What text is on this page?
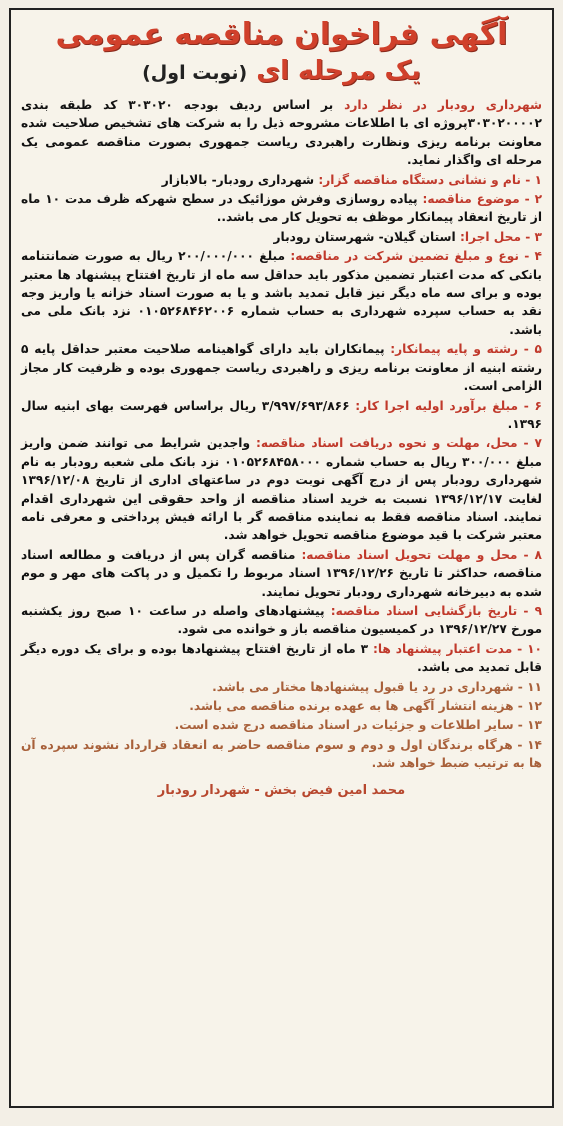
آگهی فراخوان مناقصه عمومی
یک مرحله ای (نوبت اول)

شهرداری رودبار در نظر دارد بر اساس ردیف بودجه ۳۰۳۰۲۰ کد طبقه بندی ۳۰۳۰۲۰۰۰۰۲پروژه ای با اطلاعات مشروحه ذیل را به شرکت های تشخیص صلاحیت شده معاونت برنامه ریزی ونظارت راهبردی ریاست جمهوری بصورت مناقصه عمومی یک مرحله ای واگذار نماید.

۱ - نام و نشانی دستگاه مناقصه گزار: شهرداری رودبار- بالابازار

۲ - موضوع مناقصه: پیاده روسازی وفرش موزائیک در سطح شهرکه ظرف مدت ۱۰ ماه از تاریخ انعقاد پیمانکار موظف به تحویل کار می باشد..

۳ - محل اجرا: استان گیلان- شهرستان رودبار

۴ - نوع و مبلغ تضمین شرکت در مناقصه: مبلغ ۲۰۰/۰۰۰/۰۰۰ ریال به صورت ضمانتنامه بانکی که مدت اعتبار تضمین مذکور باید حداقل سه ماه از تاریخ افتتاح پیشنهاد ها معتبر بوده و برای سه ماه دیگر نیز قابل تمدید باشد و یا به صورت اسناد خزانه یا واریز وجه نقد به حساب سپرده شهرداری به حساب شماره ۰۱۰۵۲۶۸۴۶۲۰۰۶ نزد بانک ملی می باشد.

۵ - رشته و پایه پیمانکار: پیمانکاران باید دارای گواهینامه صلاحیت معتبر حداقل پایه ۵ رشته ابنیه از معاونت برنامه ریزی و راهبردی ریاست جمهوری بوده و ظرفیت کار مجاز الزامی است.

۶ - مبلغ برآورد اولیه اجرا کار: ۳/۹۹۷/۶۹۳/۸۶۶ ریال براساس فهرست بهای ابنیه سال ۱۳۹۶.

۷ - محل، مهلت و نحوه دریافت اسناد مناقصه: واجدین شرایط می توانند ضمن واریز مبلغ ۳۰۰/۰۰۰ ریال به حساب شماره ۰۱۰۵۲۶۸۴۵۸۰۰۰ نزد بانک ملی شعبه رودبار به نام شهرداری رودبار پس از درج آگهی نوبت دوم در ساعتهای اداری از تاریخ ۱۳۹۶/۱۲/۰۸ لغایت ۱۳۹۶/۱۲/۱۷ نسبت به خرید اسناد مناقصه از واحد حقوقی این شهرداری اقدام نمایند. اسناد مناقصه فقط به نماینده مناقصه گر با ارائه فیش پرداختی و معرفی نامه معتبر شرکت با قید موضوع مناقصه تحویل خواهد شد.

۸ - محل و مهلت تحویل اسناد مناقصه: مناقصه گران پس از دریافت و مطالعه اسناد مناقصه، حداکثر تا تاریخ ۱۳۹۶/۱۲/۲۶ اسناد مربوط را تکمیل و در پاکت های مهر و موم شده به دبیرخانه شهرداری رودبار تحویل نمایند.

۹ - تاریخ بازگشایی اسناد مناقصه: پیشنهادهای واصله در ساعت ۱۰ صبح روز یکشنبه مورخ ۱۳۹۶/۱۲/۲۷ در کمیسیون مناقصه باز و خوانده می شود.

۱۰ - مدت اعتبار پیشنهاد ها: ۳ ماه از تاریخ افتتاح پیشنهادها بوده و برای یک دوره دیگر قابل تمدید می باشد.

۱۱ - شهرداری در رد یا قبول پیشنهادها مختار می باشد.

۱۲ - هزینه انتشار آگهی ها به عهده برنده مناقصه می باشد.

۱۳ - سایر اطلاعات و جزئیات در اسناد مناقصه درج شده است.

۱۴ - هرگاه برندگان اول و دوم و سوم مناقصه حاضر به انعقاد قرارداد نشوند سپرده آن ها به ترتیب ضبط خواهد شد.

محمد امین فیض بخش - شهردار رودبار
